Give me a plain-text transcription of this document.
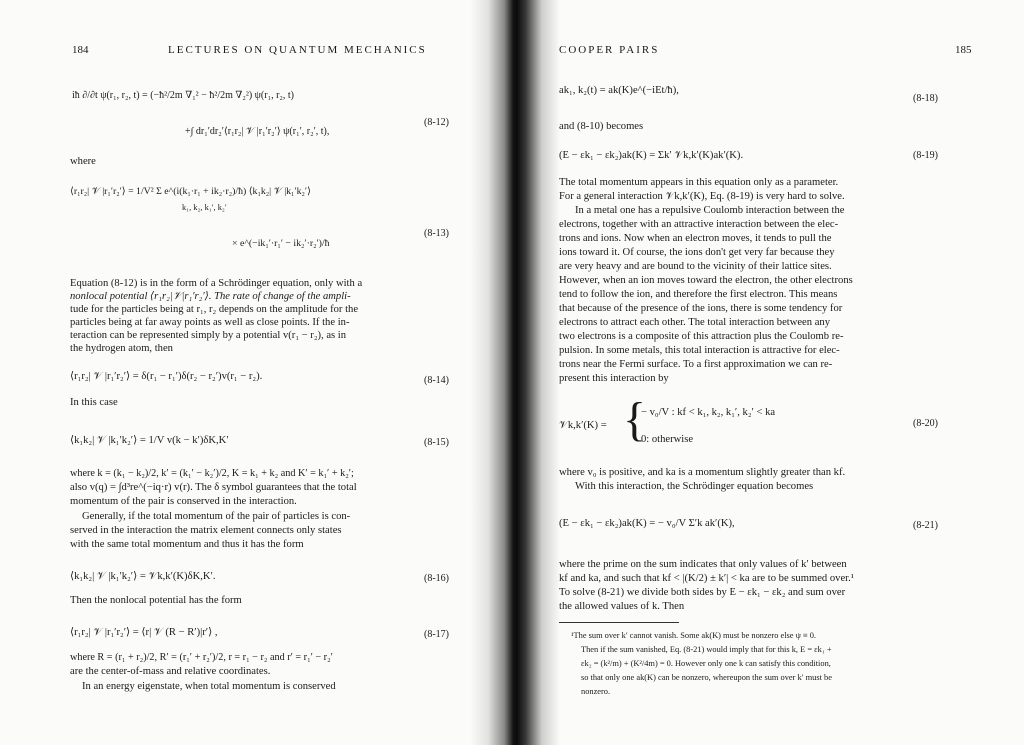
184	LECTURES ON QUANTUM MECHANICS
iħ ∂/∂t ψ(r₁, r₂, t) = (−ħ²/2m ∇₁² − ħ²/2m ∇₂²) ψ(r₁, r₂, t)
+∫ dr₁′dr₂′⟨r₁r₂| 𝒱 |r₁′r₂′⟩ ψ(r₁′, r₂′, t),
(8-12)
where
⟨r₁r₂| 𝒱 |r₁′r₂′⟩ = 1/V² Σ e^(i(k₁·r₁ + ik₂·r₂)/ħ) ⟨k₁k₂| 𝒱 |k₁′k₂′⟩
k₁, k₂, k₁′, k₂′
× e^(−ik₁′·r₁′ − ik₂′·r₂′)/ħ
(8-13)
Equation (8-12) is in the form of a Schrödinger equation, only with a
nonlocal potential ⟨r₁r₂|𝒱|r₁′r₂′⟩. The rate of change of the ampli-
tude for the particles being at r₁, r₂ depends on the amplitude for the
particles being at far away points as well as close points. If the in-
teraction can be represented simply by a potential v(r₁ − r₂), as in
the hydrogen atom, then
⟨r₁r₂| 𝒱 |r₁′r₂′⟩ = δ(r₁ − r₁′)δ(r₂ − r₂′)v(r₁ − r₂).	(8-14)
In this case
⟨k₁k₂| 𝒱 |k₁′k₂′⟩ = 1/V v(k − k′)δK,K′	(8-15)
where k = (k₁ − k₂)/2, k′ = (k₁′ − k₂′)/2, K = k₁ + k₂ and K′ = k₁′ + k₂′;
also v(q) = ∫d³re^(−iq·r) v(r). The δ symbol guarantees that the total
momentum of the pair is conserved in the interaction.
Generally, if the total momentum of the pair of particles is con-
served in the interaction the matrix element connects only states
with the same total momentum and thus it has the form
⟨k₁k₂| 𝒱 |k₁′k₂′⟩ = 𝒱k,k′(K)δK,K′.	(8-16)
Then the nonlocal potential has the form
⟨r₁r₂| 𝒱 |r₁′r₂′⟩ = ⟨r| 𝒱 (R − R′)|r′⟩ ,	(8-17)
where R = (r₁ + r₂)/2, R′ = (r₁′ + r₂′)/2, r = r₁ − r₂ and r′ = r₁′ − r₂′
are the center-of-mass and relative coordinates.
In an energy eigenstate, when total momentum is conserved
COOPER PAIRS	185
ak₁, k₂(t) = ak(K)e^(−iEt/ħ),
(8-18)
and (8-10) becomes
(E − εk₁ − εk₂)ak(K) = Σk′ 𝒱k,k′(K)ak′(K).	(8-19)
The total momentum appears in this equation only as a parameter.
For a general interaction 𝒱k,k′(K), Eq. (8-19) is very hard to solve.
In a metal one has a repulsive Coulomb interaction between the
electrons, together with an attractive interaction between the elec-
trons and ions. Now when an electron moves, it tends to pull the
ions toward it. Of course, the ions don't get very far because they
are very heavy and are bound to the vicinity of their lattice sites.
However, when an ion moves toward the electron, the other electrons
tend to follow the ion, and therefore the first electron. This means
that because of the presence of the ions, there is some tendency for
electrons to attract each other. The total interaction between any
two electrons is a composite of this attraction plus the Coulomb re-
pulsion. In some metals, this total interaction is attractive for elec-
trons near the Fermi surface. To a first approximation we can re-
present this interaction by
𝒱k,k′(K) = {
− v₀/V : kf < k₁, k₂, k₁′, k₂′ < ka
0: otherwise
(8-20)
where v₀ is positive, and ka is a momentum slightly greater than kf.
With this interaction, the Schrödinger equation becomes
(E − εk₁ − εk₂)ak(K) = − v₀/V Σ′k ak′(K),	(8-21)
where the prime on the sum indicates that only values of k′ between
kf and ka, and such that kf < |(K/2) ± k′| < ka are to be summed over.¹
To solve (8-21) we divide both sides by E − εk₁ − εk₂ and sum over
the allowed values of k. Then
¹The sum over k′ cannot vanish. Some ak(K) must be nonzero else ψ ≡ 0.
Then if the sum vanished, Eq. (8-21) would imply that for this k, E = εk₁ +
εk₂ = (k²/m) + (K²/4m) = 0. However only one k can satisfy this condition,
so that only one ak(K) can be nonzero, whereupon the sum over k′ must be
nonzero.
